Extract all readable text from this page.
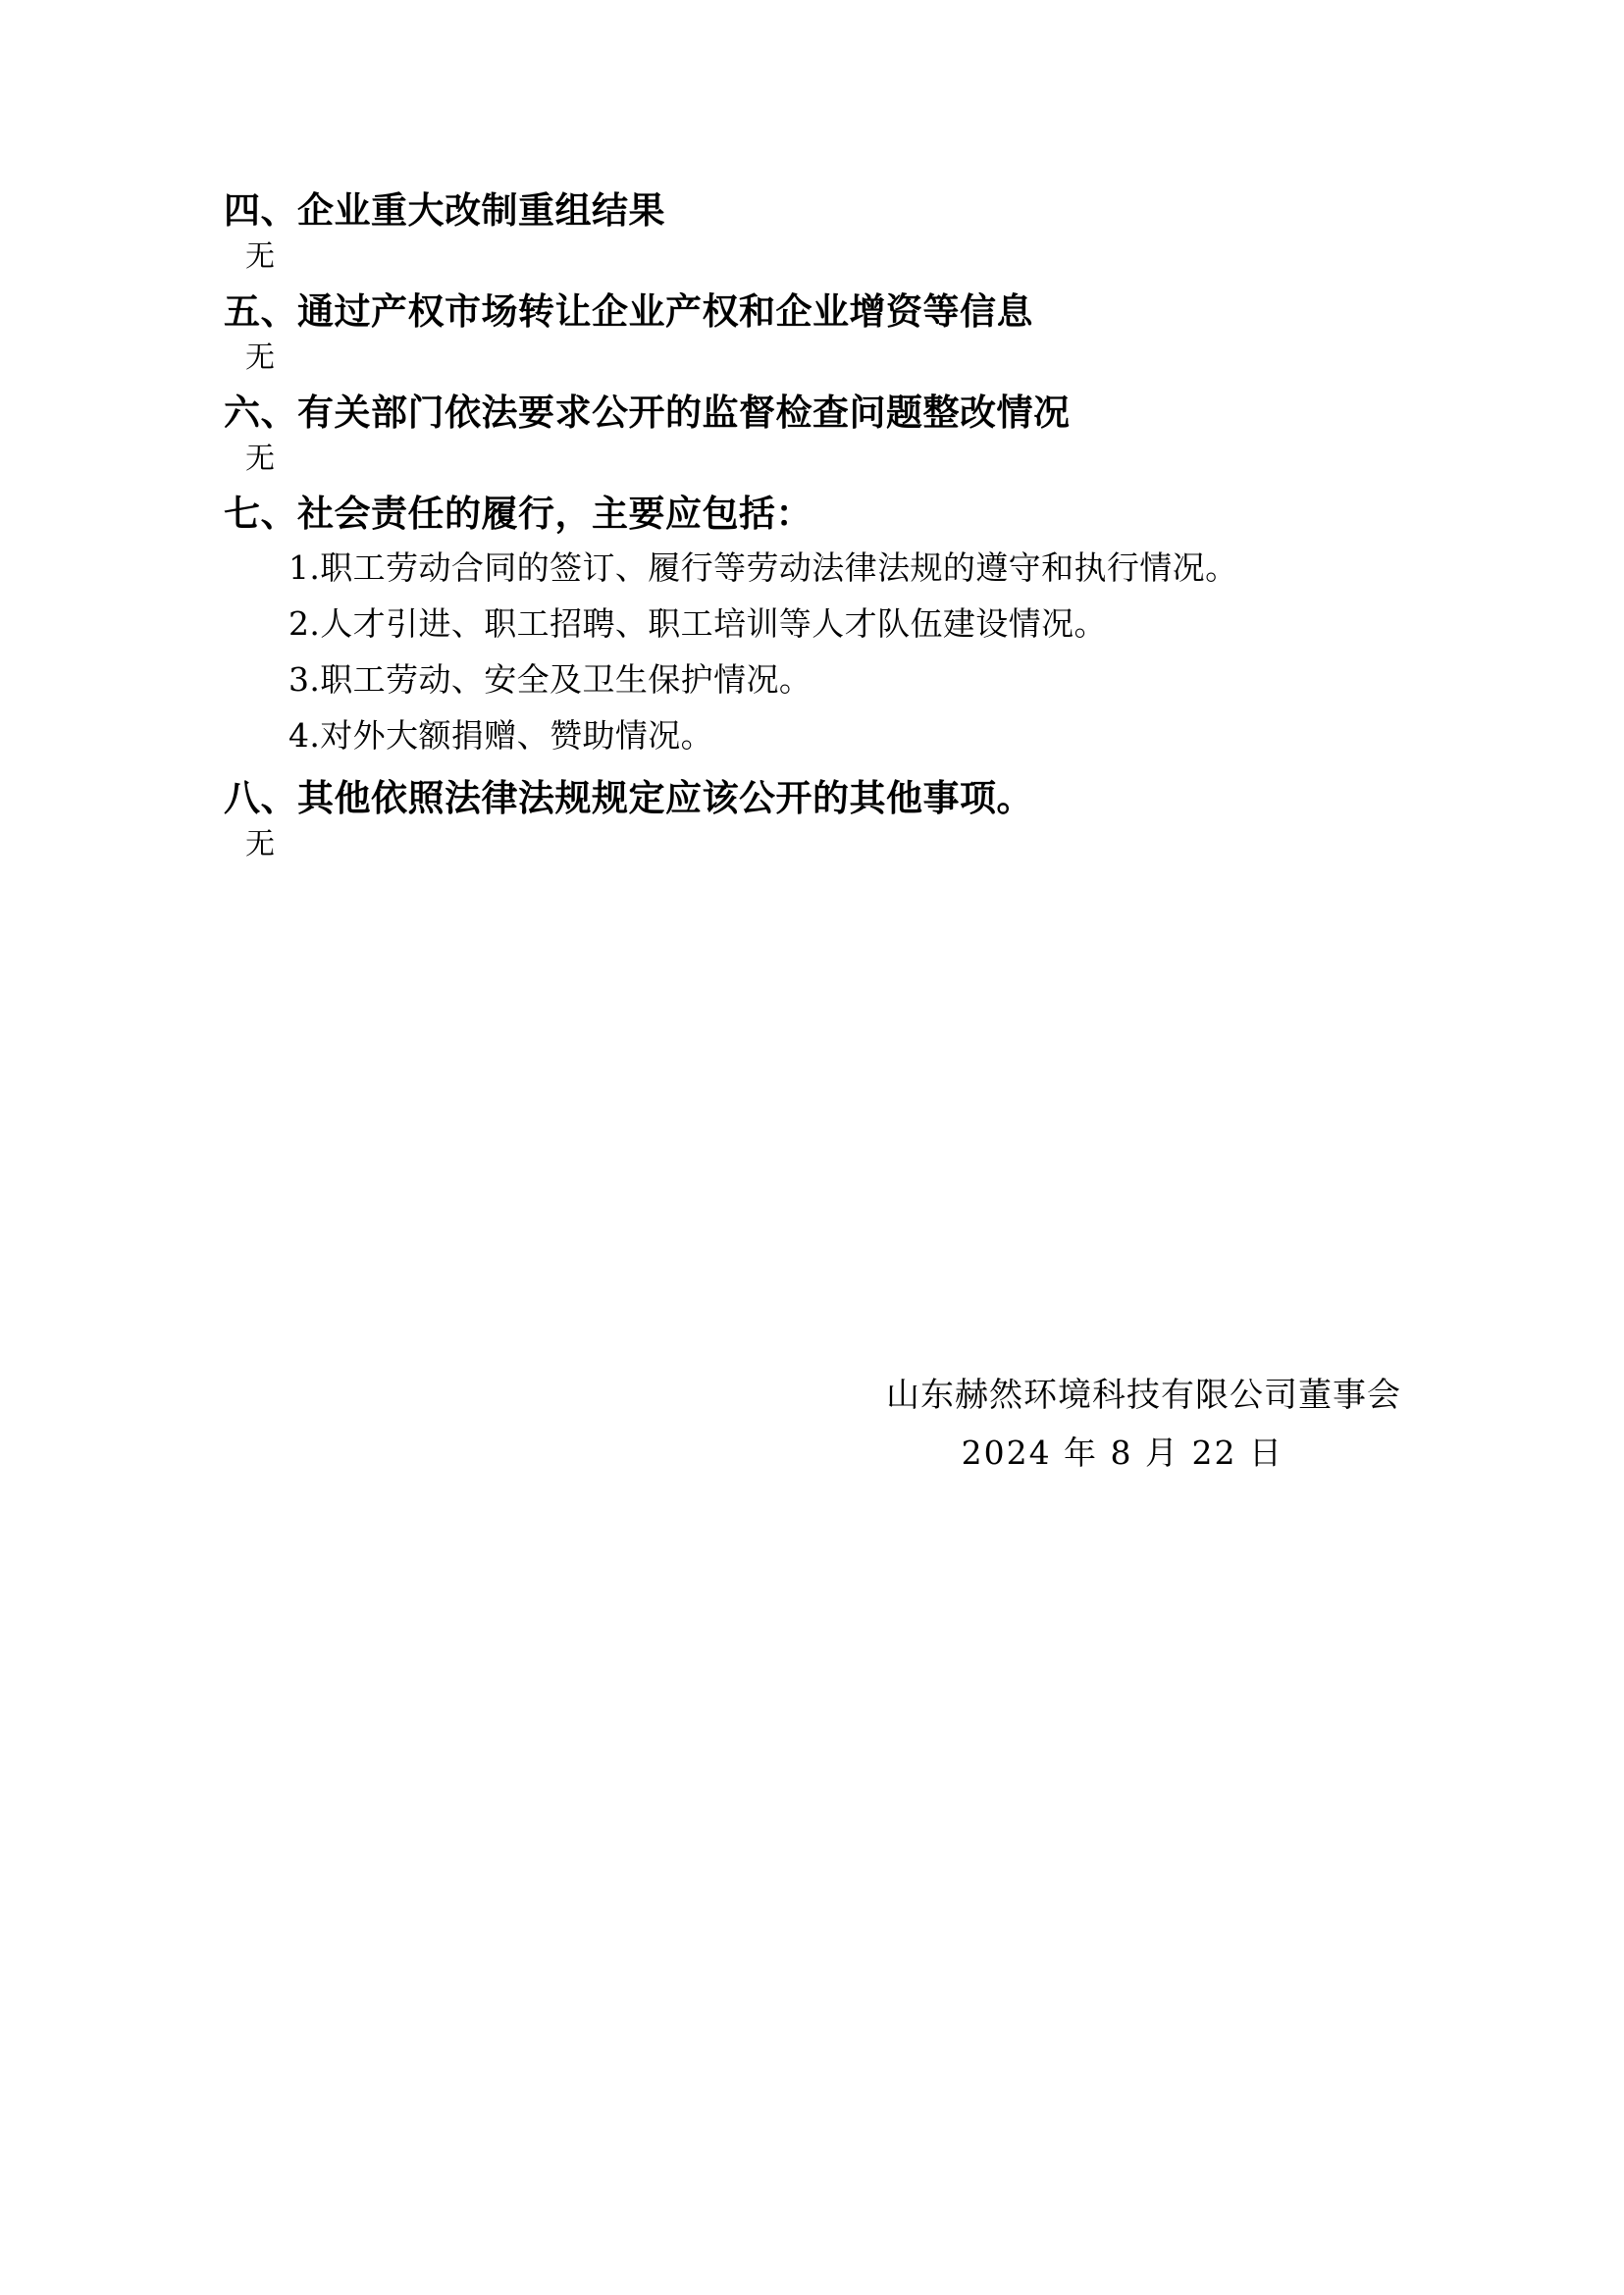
四、企业重大改制重组结果

无

五、通过产权市场转让企业产权和企业增资等信息

无

六、有关部门依法要求公开的监督检查问题整改情况

无

七、社会责任的履行，主要应包括：

1.职工劳动合同的签订、履行等劳动法律法规的遵守和执行情况。

2.人才引进、职工招聘、职工培训等人才队伍建设情况。

3.职工劳动、安全及卫生保护情况。

4.对外大额捐赠、赞助情况。

八、其他依照法律法规规定应该公开的其他事项。

无

山东赫然环境科技有限公司董事会

2024 年 8 月 22 日
